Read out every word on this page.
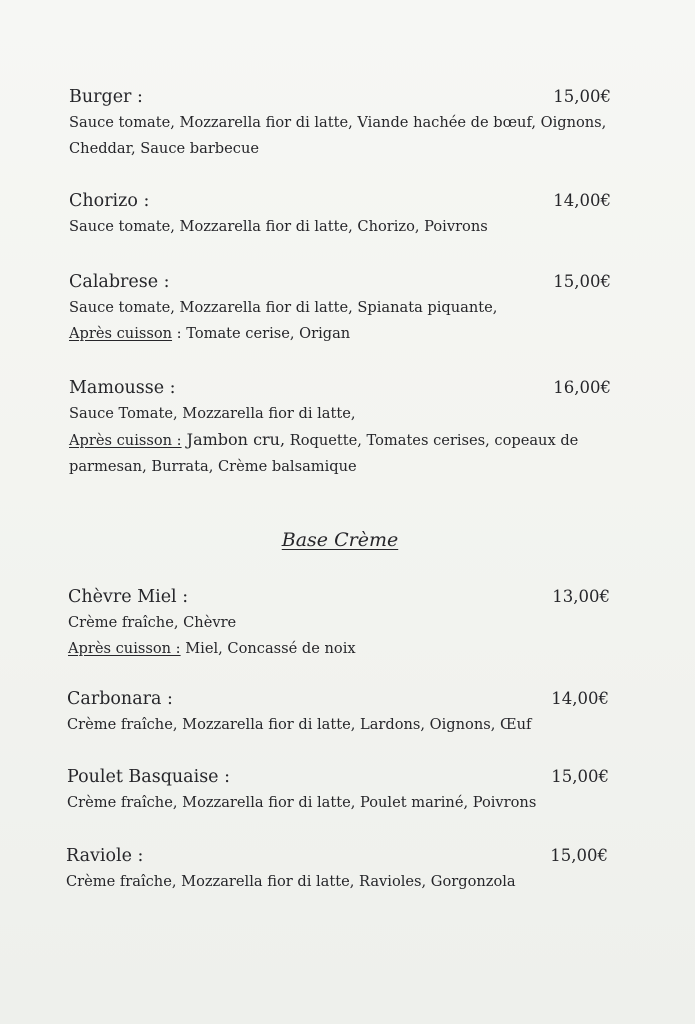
Burger :	15,00€
Sauce tomate, Mozzarella fior di latte, Viande hachée de bœuf, Oignons,
Cheddar, Sauce barbecue
Chorizo :	14,00€
Sauce tomate, Mozzarella fior di latte, Chorizo, Poivrons
Calabrese :	15,00€
Sauce tomate, Mozzarella fior di latte, Spianata piquante,
Après cuisson : Tomate cerise, Origan
Mamousse :	16,00€
Sauce Tomate, Mozzarella fior di latte,
Après cuisson : Jambon cru, Roquette, Tomates cerises, copeaux de
parmesan, Burrata, Crème balsamique
Base Crème
Chèvre Miel :	13,00€
Crème fraîche, Chèvre
Après cuisson : Miel, Concassé de noix
Carbonara :	14,00€
Crème fraîche, Mozzarella fior di latte, Lardons, Oignons, Œuf
Poulet Basquaise :	15,00€
Crème fraîche, Mozzarella fior di latte, Poulet mariné, Poivrons
Raviole :	15,00€
Crème fraîche, Mozzarella fior di latte, Ravioles, Gorgonzola
